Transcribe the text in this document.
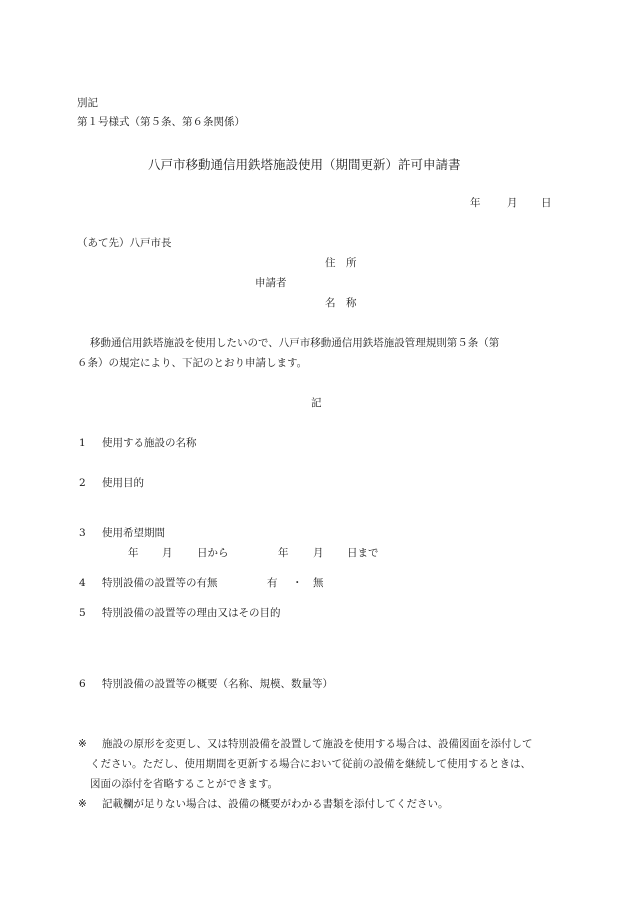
別記
第１号様式（第５条、第６条関係）
八戸市移動通信用鉄塔施設使用（期間更新）許可申請書
年	月 日
（あて先）八戸市長
住　所
申請者
名　称
移動通信用鉄塔施設を使用したいので、八戸市移動通信用鉄塔施設管理規則第５条（第
６条）の規定により、下記のとおり申請します。
記
1 使用する施設の名称
2 使用目的
3 使用希望期間
年 月 日から	年 月 日まで
4 特別設備の設置等の有無	有 ・ 無
5 特別設備の設置等の理由又はその目的
6 特別設備の設置等の概要（名称、規模、数量等）
※ 施設の原形を変更し、又は特別設備を設置して施設を使用する場合は、設備図面を添付して
ください。ただし、使用期間を更新する場合において従前の設備を継続して使用するときは、
図面の添付を省略することができます。
※ 記載欄が足りない場合は、設備の概要がわかる書類を添付してください。
